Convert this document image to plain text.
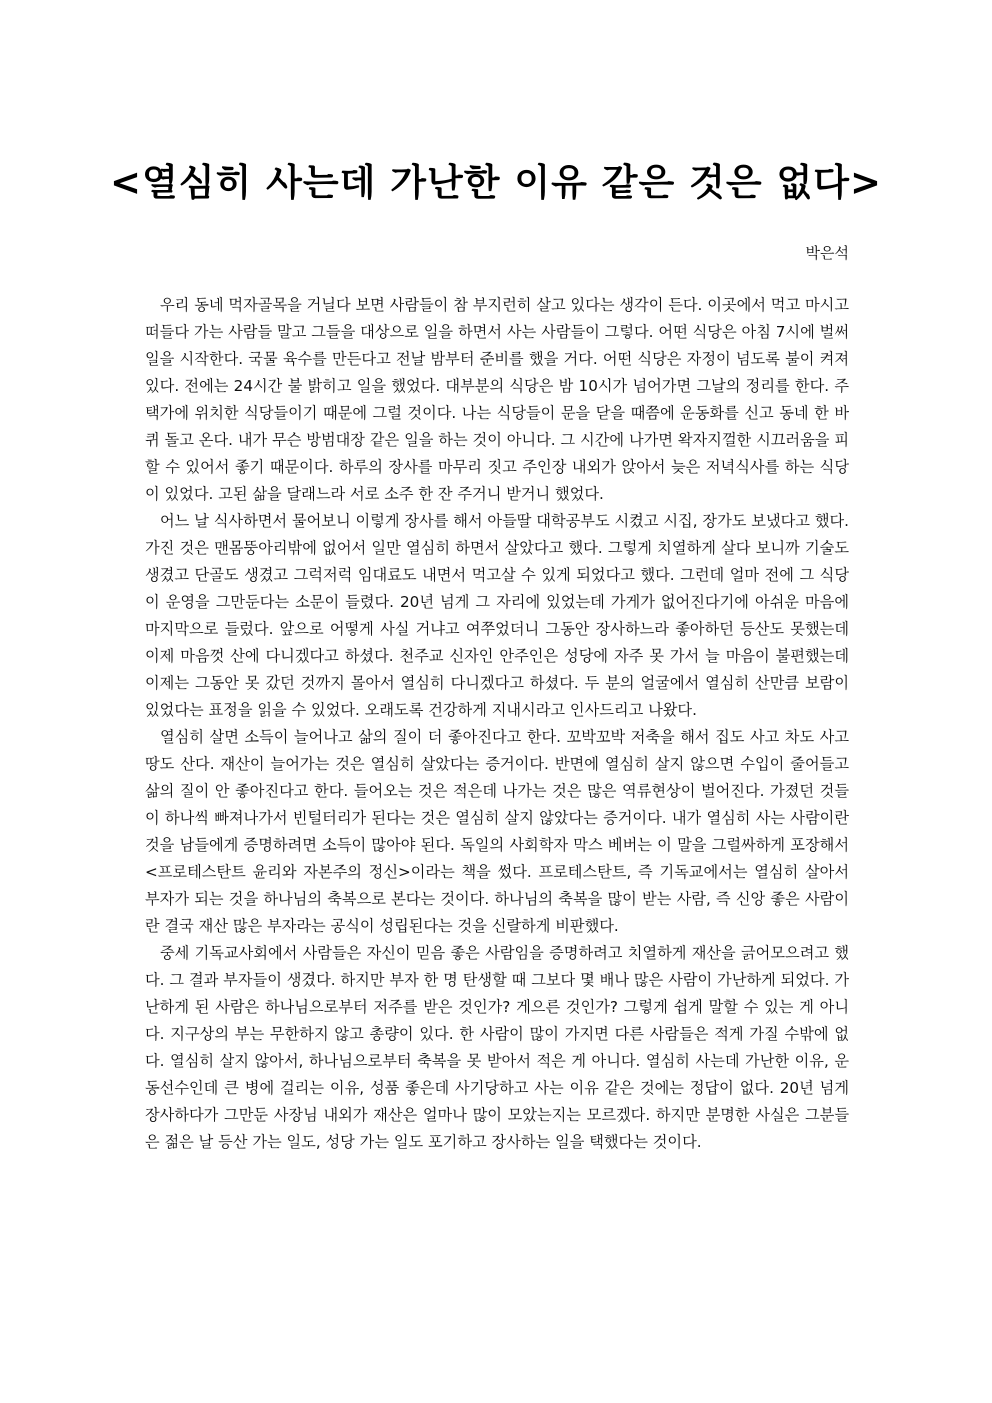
<열심히 사는데 가난한 이유 같은 것은 없다>
박은석

우리 동네 먹자골목을 거닐다 보면 사람들이 참 부지런히 살고 있다는 생각이 든다. 이곳에서 먹고 마시고 떠들다 가는 사람들 말고 그들을 대상으로 일을 하면서 사는 사람들이 그렇다. 어떤 식당은 아침 7시에 벌써 일을 시작한다. 국물 육수를 만든다고 전날 밤부터 준비를 했을 거다. 어떤 식당은 자정이 넘도록 불이 켜져 있다. 전에는 24시간 불 밝히고 일을 했었다. 대부분의 식당은 밤 10시가 넘어가면 그날의 정리를 한다. 주택가에 위치한 식당들이기 때문에 그럴 것이다. 나는 식당들이 문을 닫을 때쯤에 운동화를 신고 동네 한 바퀴 돌고 온다. 내가 무슨 방범대장 같은 일을 하는 것이 아니다. 그 시간에 나가면 왁자지껄한 시끄러움을 피할 수 있어서 좋기 때문이다. 하루의 장사를 마무리 짓고 주인장 내외가 앉아서 늦은 저녁식사를 하는 식당이 있었다. 고된 삶을 달래느라 서로 소주 한 잔 주거니 받거니 했었다.

어느 날 식사하면서 물어보니 이렇게 장사를 해서 아들딸 대학공부도 시켰고 시집, 장가도 보냈다고 했다. 가진 것은 맨몸뚱아리밖에 없어서 일만 열심히 하면서 살았다고 했다. 그렇게 치열하게 살다 보니까 기술도 생겼고 단골도 생겼고 그럭저럭 임대료도 내면서 먹고살 수 있게 되었다고 했다. 그런데 얼마 전에 그 식당이 운영을 그만둔다는 소문이 들렸다. 20년 넘게 그 자리에 있었는데 가게가 없어진다기에 아쉬운 마음에 마지막으로 들렀다. 앞으로 어떻게 사실 거냐고 여쭈었더니 그동안 장사하느라 좋아하던 등산도 못했는데 이제 마음껏 산에 다니겠다고 하셨다. 천주교 신자인 안주인은 성당에 자주 못 가서 늘 마음이 불편했는데 이제는 그동안 못 갔던 것까지 몰아서 열심히 다니겠다고 하셨다. 두 분의 얼굴에서 열심히 산만큼 보람이 있었다는 표정을 읽을 수 있었다. 오래도록 건강하게 지내시라고 인사드리고 나왔다.

열심히 살면 소득이 늘어나고 삶의 질이 더 좋아진다고 한다. 꼬박꼬박 저축을 해서 집도 사고 차도 사고 땅도 산다. 재산이 늘어가는 것은 열심히 살았다는 증거이다. 반면에 열심히 살지 않으면 수입이 줄어들고 삶의 질이 안 좋아진다고 한다. 들어오는 것은 적은데 나가는 것은 많은 역류현상이 벌어진다. 가졌던 것들이 하나씩 빠져나가서 빈털터리가 된다는 것은 열심히 살지 않았다는 증거이다. 내가 열심히 사는 사람이란 것을 남들에게 증명하려면 소득이 많아야 된다. 독일의 사회학자 막스 베버는 이 말을 그럴싸하게 포장해서 <프로테스탄트 윤리와 자본주의 정신>이라는 책을 썼다. 프로테스탄트, 즉 기독교에서는 열심히 살아서 부자가 되는 것을 하나님의 축복으로 본다는 것이다. 하나님의 축복을 많이 받는 사람, 즉 신앙 좋은 사람이란 결국 재산 많은 부자라는 공식이 성립된다는 것을 신랄하게 비판했다.

중세 기독교사회에서 사람들은 자신이 믿음 좋은 사람임을 증명하려고 치열하게 재산을 긁어모으려고 했다. 그 결과 부자들이 생겼다. 하지만 부자 한 명 탄생할 때 그보다 몇 배나 많은 사람이 가난하게 되었다. 가난하게 된 사람은 하나님으로부터 저주를 받은 것인가? 게으른 것인가? 그렇게 쉽게 말할 수 있는 게 아니다. 지구상의 부는 무한하지 않고 총량이 있다. 한 사람이 많이 가지면 다른 사람들은 적게 가질 수밖에 없다. 열심히 살지 않아서, 하나님으로부터 축복을 못 받아서 적은 게 아니다. 열심히 사는데 가난한 이유, 운동선수인데 큰 병에 걸리는 이유, 성품 좋은데 사기당하고 사는 이유 같은 것에는 정답이 없다. 20년 넘게 장사하다가 그만둔 사장님 내외가 재산은 얼마나 많이 모았는지는 모르겠다. 하지만 분명한 사실은 그분들은 젊은 날 등산 가는 일도, 성당 가는 일도 포기하고 장사하는 일을 택했다는 것이다.
